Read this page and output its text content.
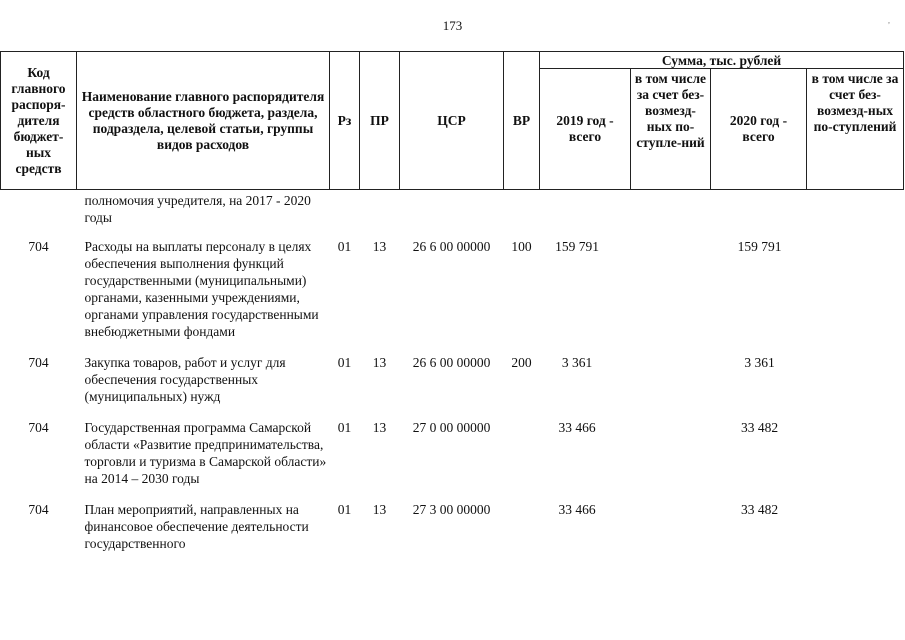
173	,
Код главного распоря-дителя бюджет-ных средств	Наименование главного распорядителя средств областного бюджета, раздела, подраздела, целевой статьи, группы видов расходов	Рз	ПР	ЦСР	ВР	Сумма, тыс. рублей			
						2019 год - всего	в том числе за счет без-возмезд-ных по-ступле-ний	2020 год - всего	в том числе за счет без-возмезд-ных по-ступлений
	полномочия учредителя, на 2017 - 2020 годы								
704	Расходы на выплаты персоналу в целях обеспечения выполнения функций государственными (муниципальными) органами, казенными учреждениями, органами управления государственными внебюджетными фондами	01	13	26 6 00 00000	100	159 791		159 791	
704	Закупка товаров, работ и услуг для обеспечения государственных (муниципальных) нужд	01	13	26 6 00 00000	200	3 361		3 361	
704	Государственная программа Самарской области «Развитие предпринимательства, торговли и туризма в Самарской области» на 2014 – 2030 годы	01	13	27 0 00 00000		33 466		33 482	
704	План мероприятий, направленных на финансовое обеспечение деятельности государственного	01	13	27 3 00 00000		33 466		33 482	
